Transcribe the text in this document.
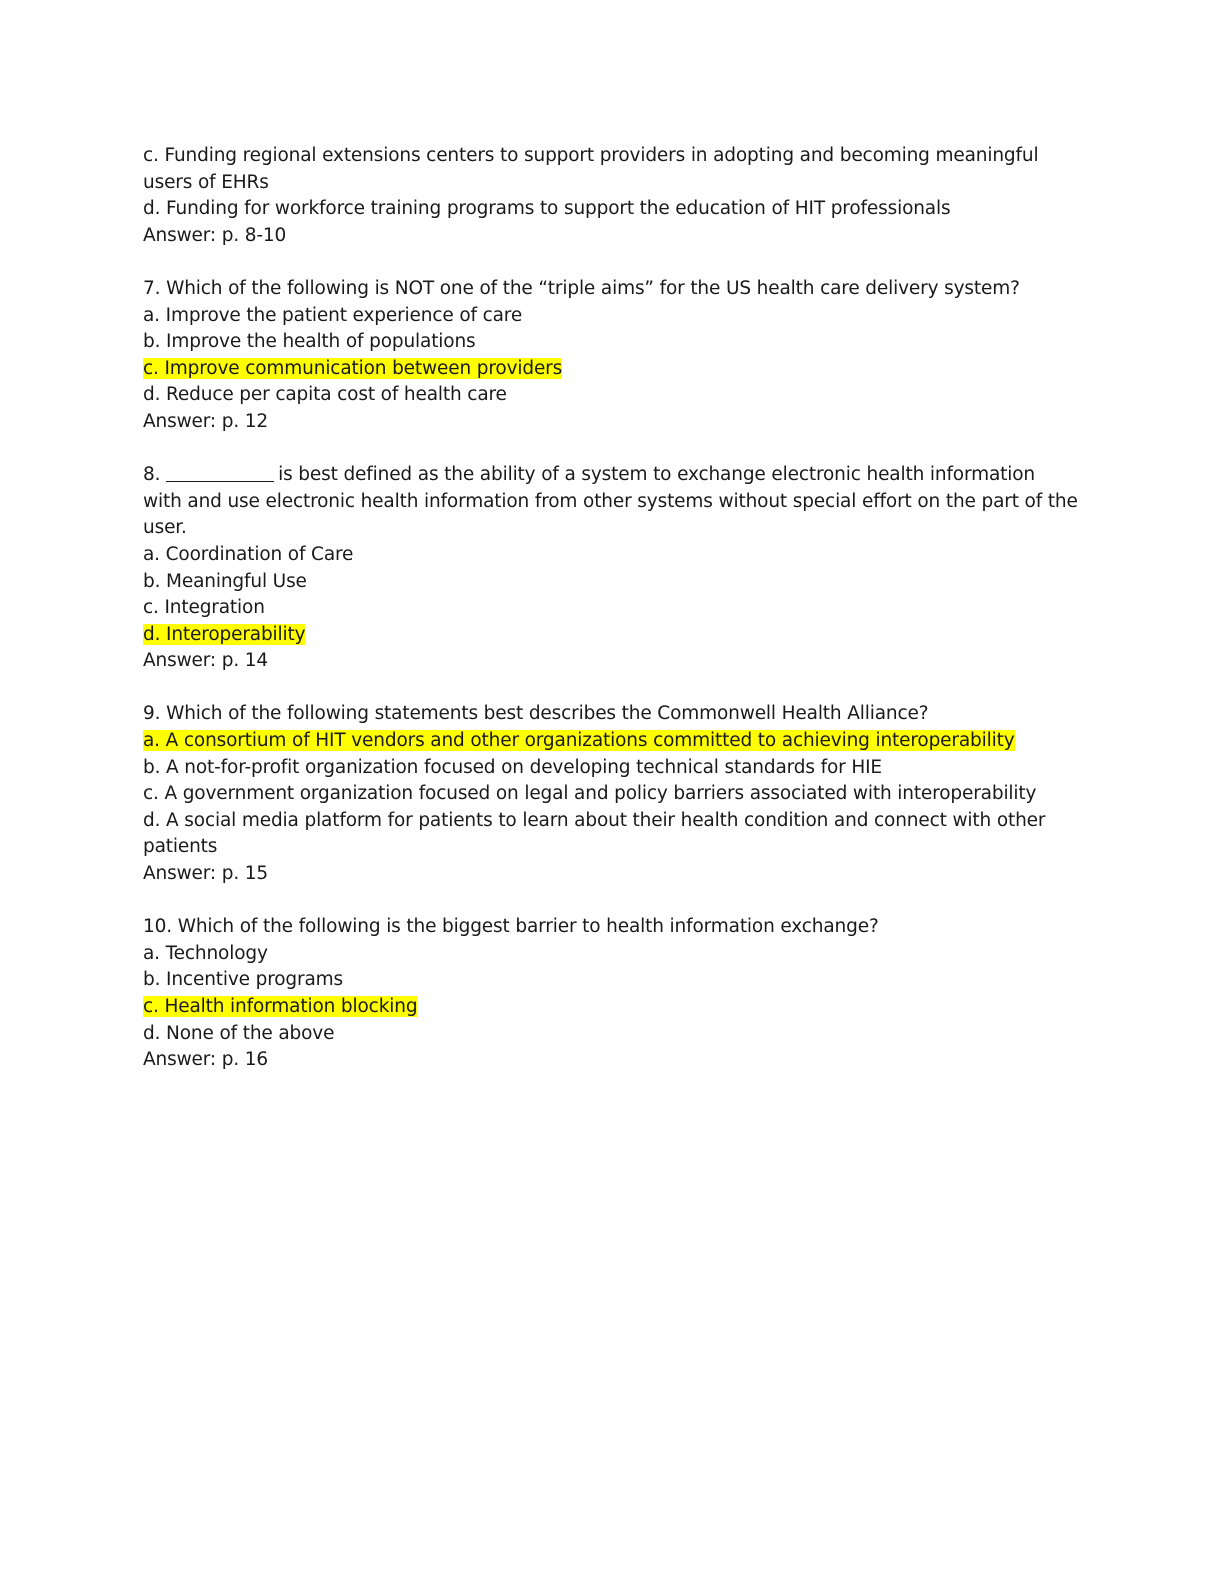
c. Funding regional extensions centers to support providers in adopting and becoming meaningful users of EHRs
d. Funding for workforce training programs to support the education of HIT professionals
Answer: p. 8-10
7. Which of the following is NOT one of the “triple aims” for the US health care delivery system?
a. Improve the patient experience of care
b. Improve the health of populations
c. Improve communication between providers
d. Reduce per capita cost of health care
Answer: p. 12
8.	is best defined as the ability of a system to exchange electronic health information with and use electronic health information from other systems without special effort on the part of the user.
a. Coordination of Care
b. Meaningful Use
c. Integration
d. Interoperability
Answer: p. 14
9. Which of the following statements best describes the Commonwell Health Alliance?
a. A consortium of HIT vendors and other organizations committed to achieving interoperability
b. A not-for-profit organization focused on developing technical standards for HIE
c. A government organization focused on legal and policy barriers associated with interoperability
d. A social media platform for patients to learn about their health condition and connect with other patients
Answer: p. 15
10. Which of the following is the biggest barrier to health information exchange?
a. Technology
b. Incentive programs
c. Health information blocking
d. None of the above
Answer: p. 16
